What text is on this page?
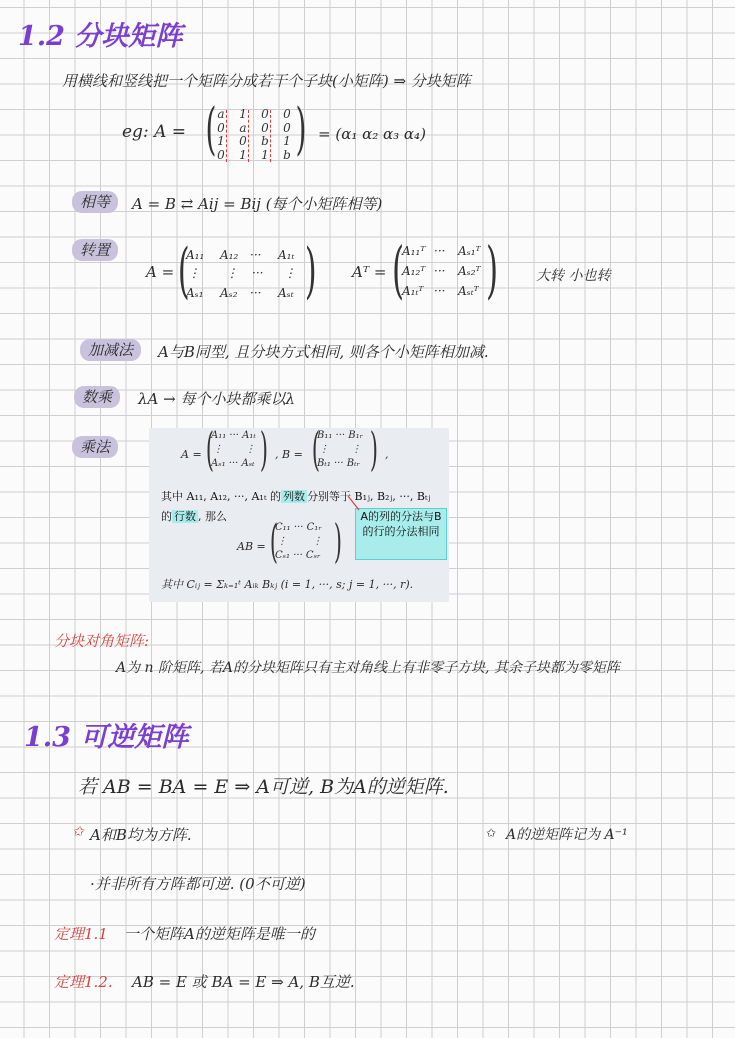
1.2 分块矩阵
用横线和竖线把一个矩阵分成若干个子块(小矩阵) ⇒ 分块矩阵
eg: A = ( )
a	1	0	0
0	a	0	0
1	0	b	1
0	1	1	b
= (α₁ α₂ α₃ α₄)
相等	A = B ⇄ Aij = Bij (每个小矩阵相等)
转置
A = ( )
A₁₁ A₁₂ ··· A₁ₜ
⋮ ⋮ ··· ⋮
Aₛ₁ Aₛ₂ ··· Aₛₜ
Aᵀ = ( )
A₁₁ᵀ ··· Aₛ₁ᵀ
A₁₂ᵀ ··· Aₛ₂ᵀ
A₁ₜᵀ ··· Aₛₜᵀ
大转 小也转
加减法	A与B同型, 且分块方式相同, 则各个小矩阵相加减.
数乘	λA → 每个小块都乘以λ
乘法	A = ( )
A₁₁ ··· A₁ₜ
⋮       ⋮
Aₛ₁ ··· Aₛₜ
, B = ( )
B₁₁ ··· B₁ᵣ
⋮       ⋮
Bₜ₁ ··· Bₜᵣ
,
其中 A₁₁, A₁₂, ···, A₁ₜ 的 列数 分别等于 B₁ⱼ, B₂ⱼ, ···, Bₜⱼ
的 行数 , 那么
AB = ( )
C₁₁ ··· C₁ᵣ
⋮        ⋮
Cₛ₁ ··· Cₛᵣ
A的列的分法与B的行的分法相同
其中 Cᵢⱼ = Σₖ₌₁ᵗ Aᵢₖ Bₖⱼ (i = 1, ···, s; j = 1, ···, r).
分块对角矩阵:
A为 n 阶矩阵, 若A的分块矩阵只有主对角线上有非零子方块, 其余子块都为零矩阵
1.3 可逆矩阵
若 AB = BA = E ⇒ A可逆, B为A的逆矩阵.
✩ A和B均为方阵.	✩ A的逆矩阵记为 A⁻¹
·并非所有方阵都可逆. (0不可逆)
定理1.1 一个矩阵A的逆矩阵是唯一的
定理1.2. AB = E 或 BA = E ⇒ A, B互逆.
